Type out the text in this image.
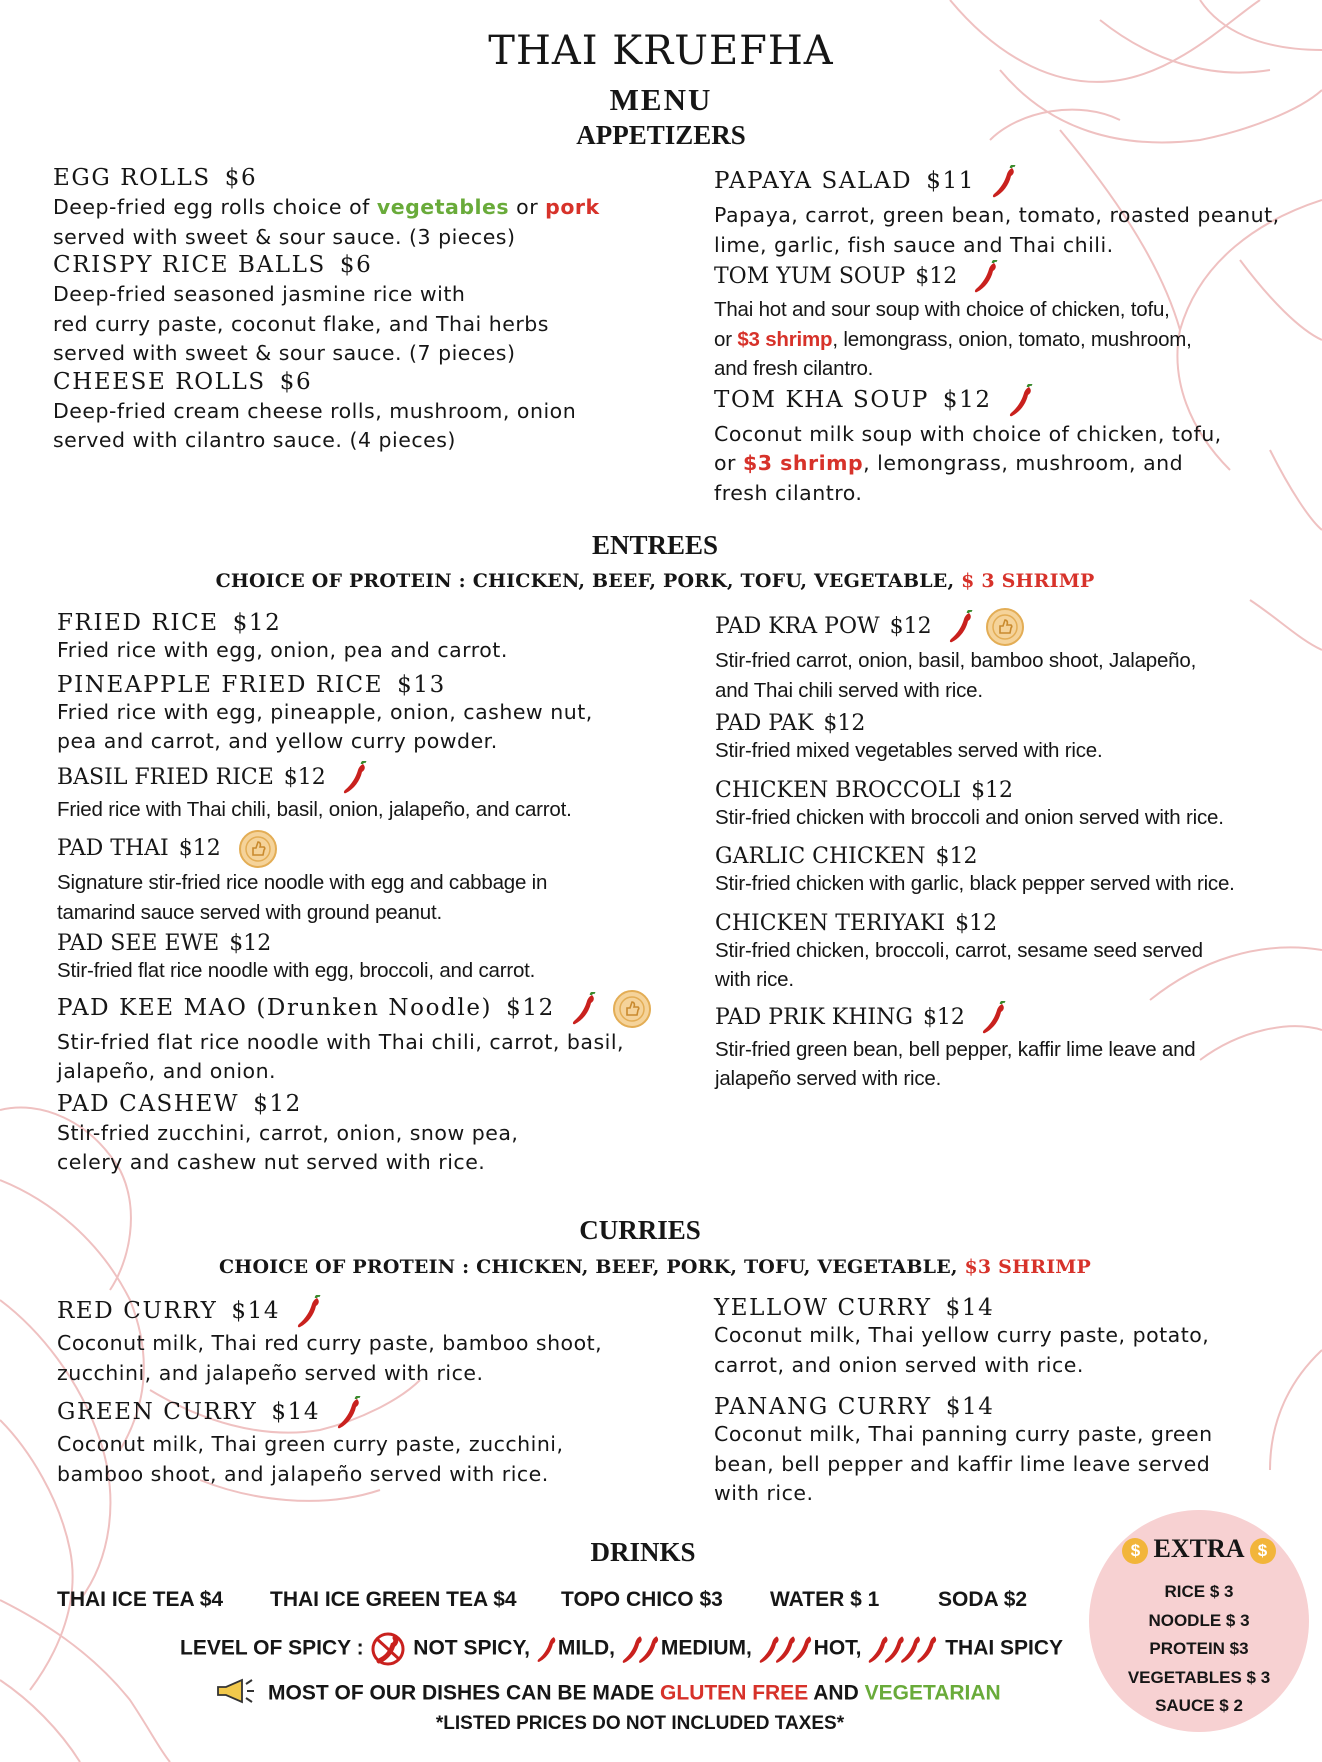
THAI KRUEFHA
MENU
APPETIZERS
EGG ROLLS $6
Deep-fried egg rolls choice of vegetables or pork
served with sweet & sour sauce. (3 pieces)
CRISPY RICE BALLS $6
Deep-fried seasoned jasmine rice with
red curry paste, coconut flake, and Thai herbs
served with sweet & sour sauce. (7 pieces)
CHEESE ROLLS $6
Deep-fried cream cheese rolls, mushroom, onion
served with cilantro sauce. (4 pieces)
PAPAYA SALAD $11
Papaya, carrot, green bean, tomato, roasted peanut,
lime, garlic, fish sauce and Thai chili.
TOM YUM SOUP $12
Thai hot and sour soup with choice of chicken, tofu,
or $3 shrimp, lemongrass, onion, tomato, mushroom,
and fresh cilantro.
TOM KHA SOUP $12
Coconut milk soup with choice of chicken, tofu,
or $3 shrimp, lemongrass, mushroom, and
fresh cilantro.
ENTREES
CHOICE OF PROTEIN : CHICKEN, BEEF, PORK, TOFU, VEGETABLE, $ 3 SHRIMP
FRIED RICE $12
Fried rice with egg, onion, pea and carrot.
PINEAPPLE FRIED RICE $13
Fried rice with egg, pineapple, onion, cashew nut,
pea and carrot, and yellow curry powder.
BASIL FRIED RICE $12
Fried rice with Thai chili, basil, onion, jalapeño, and carrot.
PAD THAI $12
Signature stir-fried rice noodle with egg and cabbage in
tamarind sauce served with ground peanut.
PAD SEE EWE $12
Stir-fried flat rice noodle with egg, broccoli, and carrot.
PAD KEE MAO (Drunken Noodle) $12
Stir-fried flat rice noodle with Thai chili, carrot, basil,
jalapeño, and onion.
PAD CASHEW $12
Stir-fried zucchini, carrot, onion, snow pea,
celery and cashew nut served with rice.
PAD KRA POW $12
Stir-fried carrot, onion, basil, bamboo shoot, Jalapeño,
and Thai chili served with rice.
PAD PAK $12
Stir-fried mixed vegetables served with rice.
CHICKEN BROCCOLI $12
Stir-fried chicken with broccoli and onion served with rice.
GARLIC CHICKEN $12
Stir-fried chicken with garlic, black pepper served with rice.
CHICKEN TERIYAKI $12
Stir-fried chicken, broccoli, carrot, sesame seed served
with rice.
PAD PRIK KHING $12
Stir-fried green bean, bell pepper, kaffir lime leave and
jalapeño served with rice.
CURRIES
CHOICE OF PROTEIN : CHICKEN, BEEF, PORK, TOFU, VEGETABLE, $3 SHRIMP
RED CURRY $14
Coconut milk, Thai red curry paste, bamboo shoot,
zucchini, and jalapeño served with rice.
GREEN CURRY $14
Coconut milk, Thai green curry paste, zucchini,
bamboo shoot, and jalapeño served with rice.
YELLOW CURRY $14
Coconut milk, Thai yellow curry paste, potato,
carrot, and onion served with rice.
PANANG CURRY $14
Coconut milk, Thai panning curry paste, green
bean, bell pepper and kaffir lime leave served
with rice.
DRINKS
THAI ICE TEA $4 THAI ICE GREEN TEA $4 TOPO CHICO $3 WATER $ 1	SODA $2
LEVEL OF SPICY :
NOT SPICY, MILD, MEDIUM,	HOT,	THAI SPICY
MOST OF OUR DISHES CAN BE MADE GLUTEN FREE AND VEGETARIAN
*LISTED PRICES DO NOT INCLUDED TAXES*
$EXTRA$
RICE $ 3
NOODLE $ 3
PROTEIN $3
VEGETABLES $ 3
SAUCE $ 2
